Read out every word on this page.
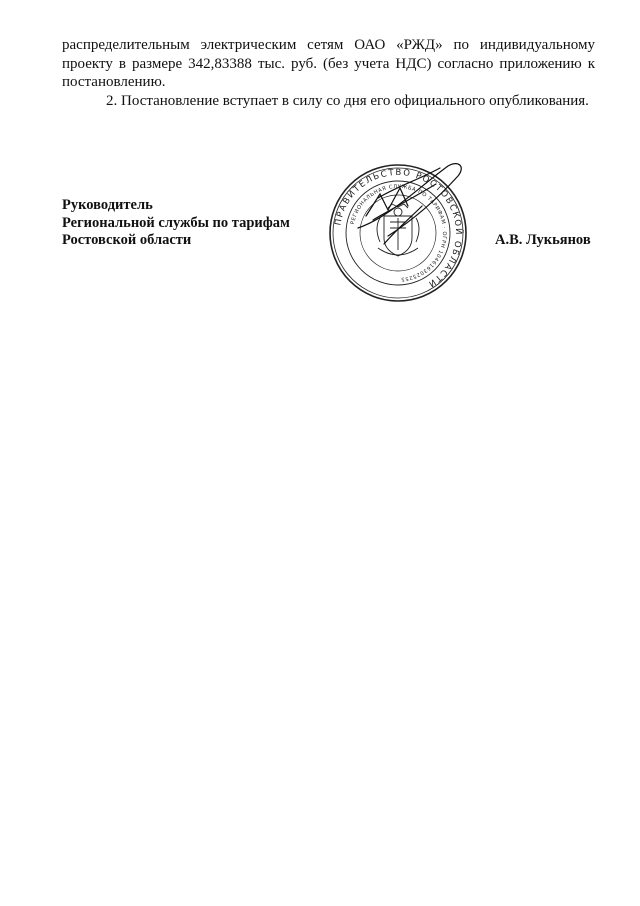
распределительным электрическим сетям ОАО «РЖД» по индивидуальному
проекту в размере 342,83388 тыс. руб. (без учета НДС) согласно приложению к
постановлению.
2. Постановление вступает в силу со дня его официального опубликования.
Руководитель
Региональной службы по тарифам
Ростовской области	А.В. Лукьянов
ПРАВИТЕЛЬСТВО РОСТОВСКОЙ ОБЛАСТИ
РЕГИОНАЛЬНАЯ СЛУЖБА ПО ТАРИФАМ · ОГРН 1046163025255
